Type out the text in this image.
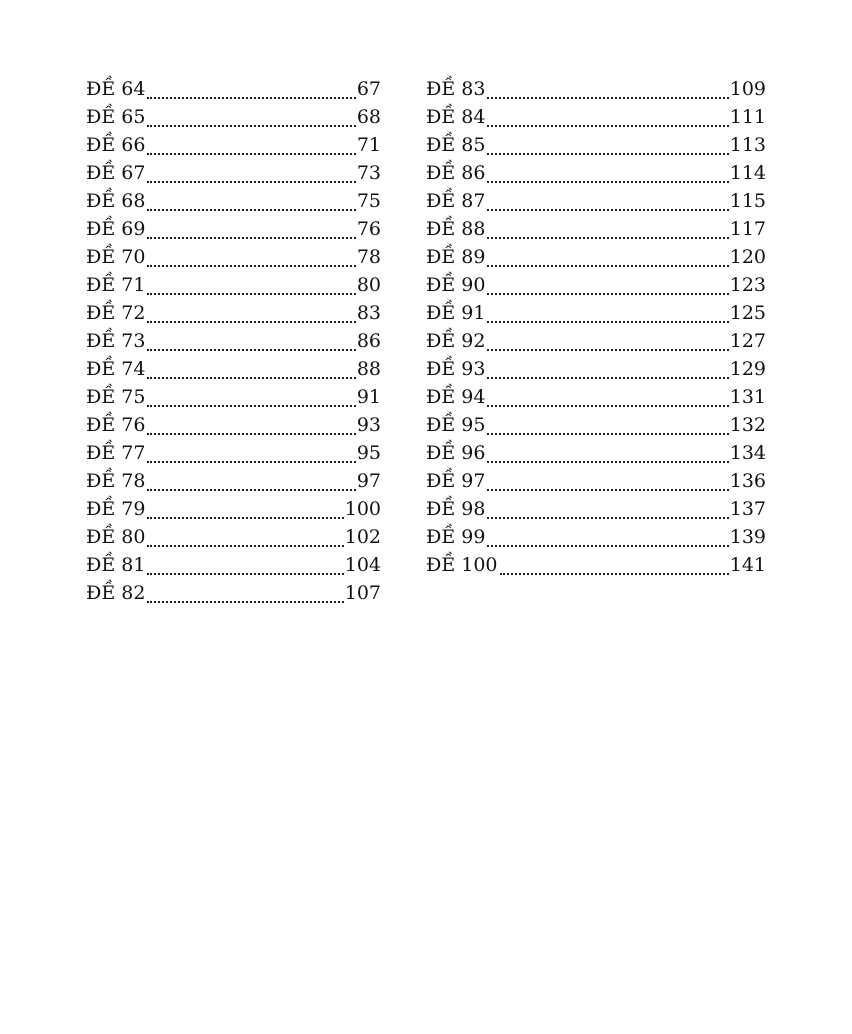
ĐỀ 64	67
ĐỀ 65	68
ĐỀ 66	71
ĐỀ 67	73
ĐỀ 68	75
ĐỀ 69	76
ĐỀ 70	78
ĐỀ 71	80
ĐỀ 72	83
ĐỀ 73	86
ĐỀ 74	88
ĐỀ 75	91
ĐỀ 76	93
ĐỀ 77	95
ĐỀ 78	97
ĐỀ 79	100
ĐỀ 80	102
ĐỀ 81	104
ĐỀ 82	107
ĐỀ 83	109
ĐỀ 84	111
ĐỀ 85	113
ĐỀ 86	114
ĐỀ 87	115
ĐỀ 88	117
ĐỀ 89	120
ĐỀ 90	123
ĐỀ 91	125
ĐỀ 92	127
ĐỀ 93	129
ĐỀ 94	131
ĐỀ 95	132
ĐỀ 96	134
ĐỀ 97	136
ĐỀ 98	137
ĐỀ 99	139
ĐỀ 100	141
